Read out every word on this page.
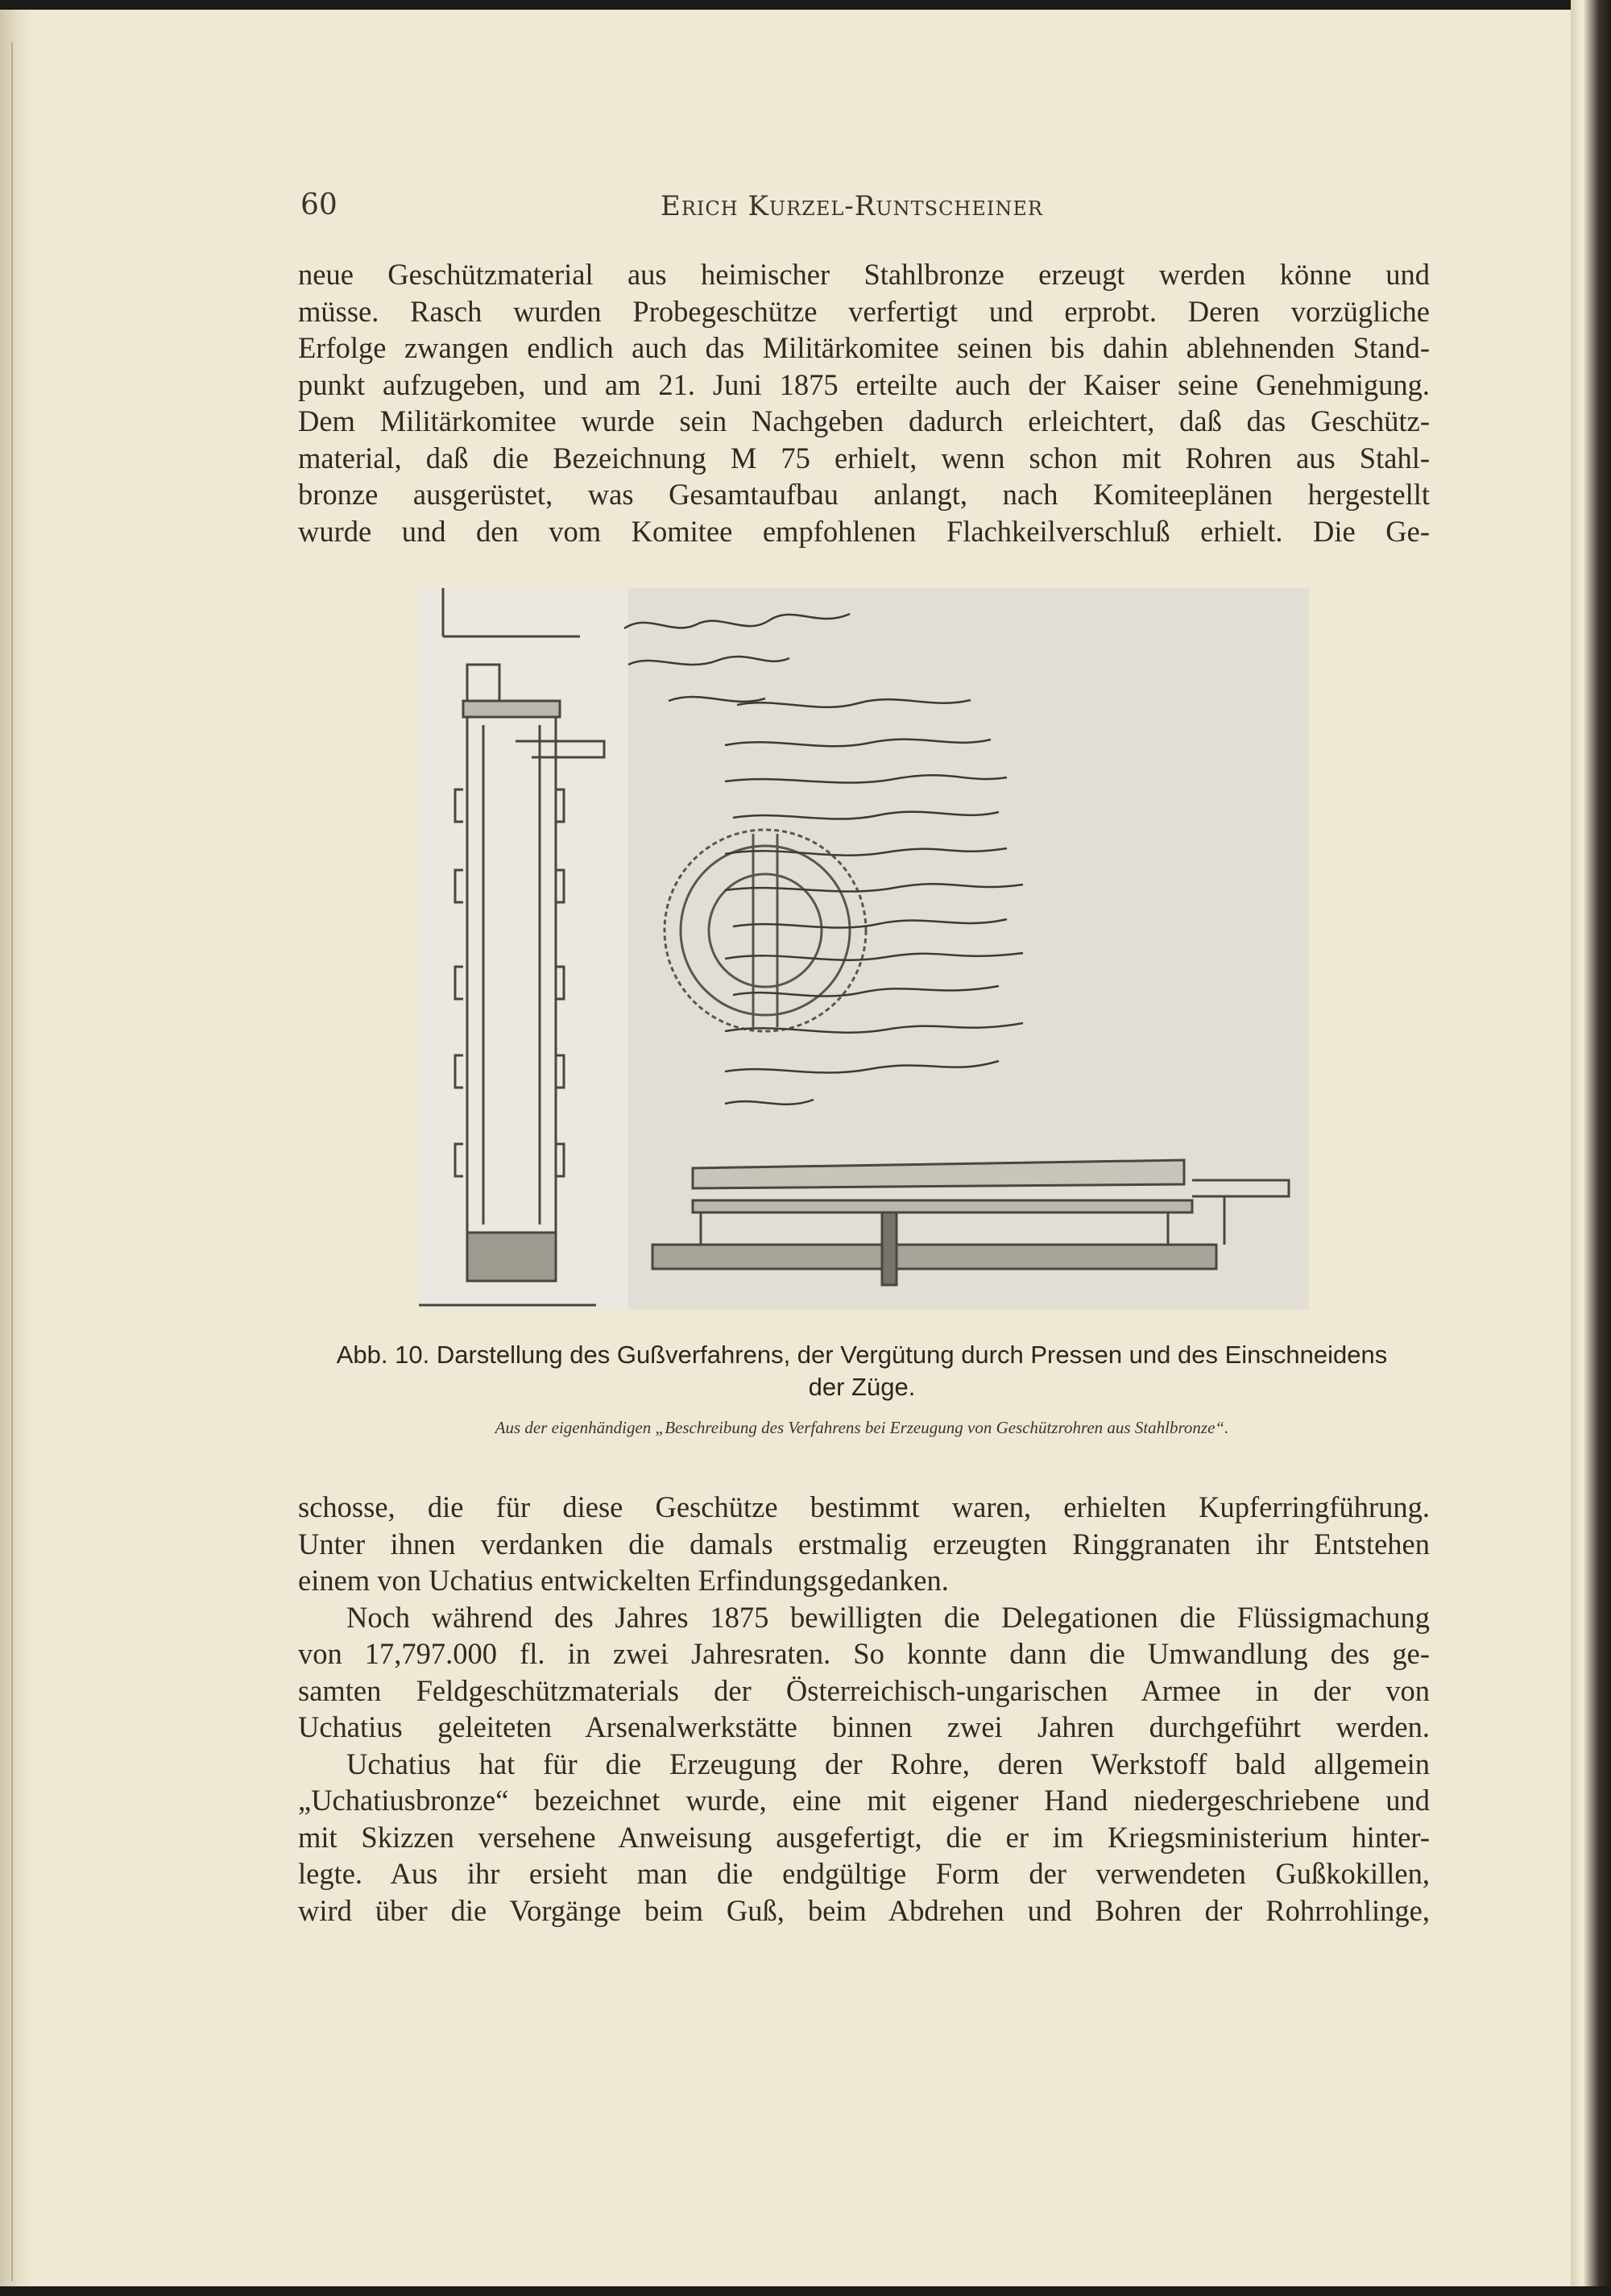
60	Erich Kurzel-Runtscheiner
neue Geschützmaterial aus heimischer Stahlbronze erzeugt werden könne und
müsse. Rasch wurden Probegeschütze verfertigt und erprobt. Deren vorzügliche
Erfolge zwangen endlich auch das Militärkomitee seinen bis dahin ablehnenden Stand-
punkt aufzugeben, und am 21. Juni 1875 erteilte auch der Kaiser seine Genehmigung.
Dem Militärkomitee wurde sein Nachgeben dadurch erleichtert, daß das Geschütz-
material, daß die Bezeichnung M 75 erhielt, wenn schon mit Rohren aus Stahl-
bronze ausgerüstet, was Gesamtaufbau anlangt, nach Komiteeplänen hergestellt
wurde und den vom Komitee empfohlenen Flachkeilverschluß erhielt. Die Ge-
Abb. 10. Darstellung des Gußverfahrens, der Vergütung durch Pressen und des Einschneidens
der Züge.
Aus der eigenhändigen „Beschreibung des Verfahrens bei Erzeugung von Geschützrohren aus Stahlbronze“.
schosse, die für diese Geschütze bestimmt waren, erhielten Kupferringführung.
Unter ihnen verdanken die damals erstmalig erzeugten Ringgranaten ihr Entstehen
einem von Uchatius entwickelten Erfindungsgedanken.
Noch während des Jahres 1875 bewilligten die Delegationen die Flüssigmachung
von 17,797.000 fl. in zwei Jahresraten. So konnte dann die Umwandlung des ge-
samten Feldgeschützmaterials der Österreichisch-ungarischen Armee in der von
Uchatius geleiteten Arsenalwerkstätte binnen zwei Jahren durchgeführt werden.
Uchatius hat für die Erzeugung der Rohre, deren Werkstoff bald allgemein
„Uchatiusbronze“ bezeichnet wurde, eine mit eigener Hand niedergeschriebene und
mit Skizzen versehene Anweisung ausgefertigt, die er im Kriegsministerium hinter-
legte. Aus ihr ersieht man die endgültige Form der verwendeten Gußkokillen,
wird über die Vorgänge beim Guß, beim Abdrehen und Bohren der Rohrrohlinge,
